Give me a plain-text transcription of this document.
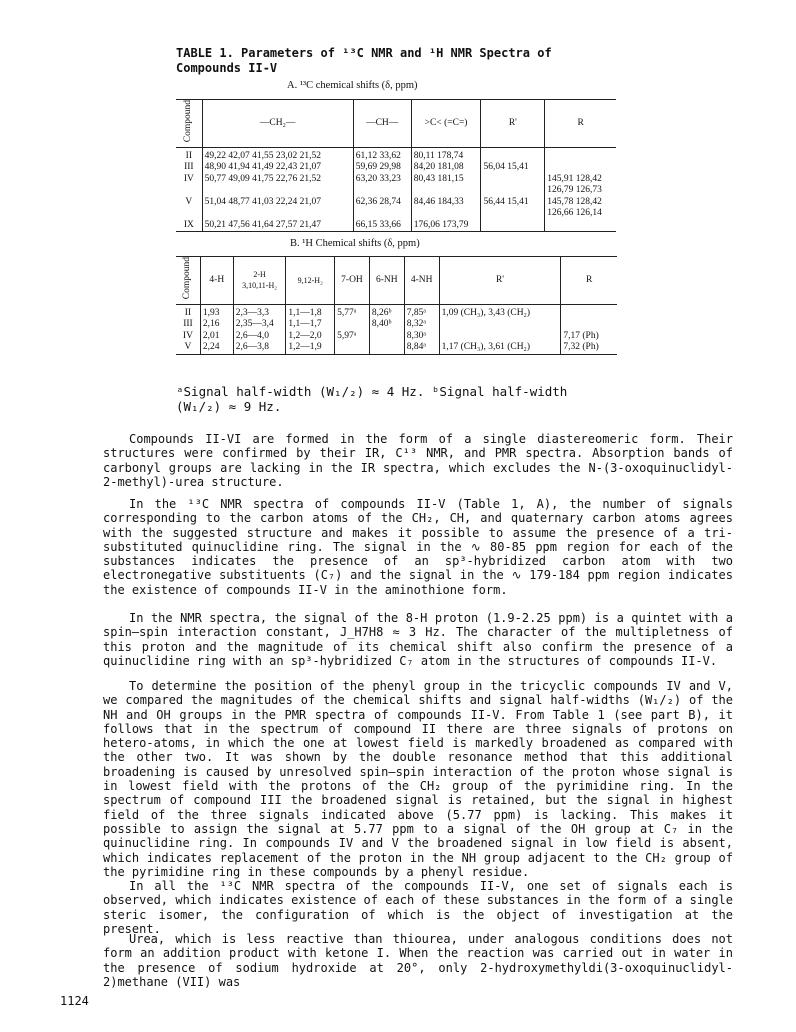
TABLE 1. Parameters of ¹³C NMR and ¹H NMR Spectra of
Compounds II-V
A. ¹³C chemical shifts (δ, ppm)
Compound	—CH₂—	—CH—	>C< (=C=)	R'	R
II	49,22 42,07 41,55 23,02 21,52	61,12 33,62	80,11 178,74		
III	48,90 41,94 41,49 22,43 21,07	59,69 29,98	84,20 181,08	56,04 15,41	
IV	50,77 49,09 41,75 22,76 21,52	63,20 33,23	80,43 181,15		145,91 128,42
126,79 126,73
V	51,04 48,77 41,03 22,24 21,07	62,36 28,74	84,46 184,33	56,44 15,41	145,78 128,42
126,66 126,14
IX	50,21 47,56 41,64 27,57 21,47	66,15 33,66	176,06 173,79		
B. ¹H Chemical shifts (δ, ppm)
Compound	4-H	2-H
3,10,11-H₂	9,12-H₂	7-OH	6-NH	4-NH	R'	R
II	1,93	2,3—3,3	1,1—1,8	5,77ᵃ	8,26ᵇ	7,85ᵃ	1,09 (CH₃), 3,43 (CH₂)	
III	2,16	2,35—3,4	1,1—1,7		8,40ᵇ	8,32ᵃ		
IV	2,01	2,6—4,0	1,2—2,0	5,97ᵃ		8,30ᵃ		7,17 (Ph)
V	2,24	2,6—3,8	1,2—1,9			8,84ᵃ	1,17 (CH₃), 3,61 (CH₂)	7,32 (Ph)
ᵃSignal half-width (W₁/₂) ≈ 4 Hz. ᵇSignal half-width
(W₁/₂) ≈ 9 Hz.
Compounds II-VI are formed in the form of a single diastereomeric form. Their structures were confirmed by their IR, C¹³ NMR, and PMR spectra. Absorption bands of carbonyl groups are lacking in the IR spectra, which excludes the N-(3-oxoquinuclidyl-2-methyl)-urea structure.
In the ¹³C NMR spectra of compounds II-V (Table 1, A), the number of signals corresponding to the carbon atoms of the CH₂, CH, and quaternary carbon atoms agrees with the suggested structure and makes it possible to assume the presence of a tri-substituted quinuclidine ring. The signal in the ∿ 80-85 ppm region for each of the substances indicates the presence of an sp³-hybridized carbon atom with two electronegative substituents (C₇) and the signal in the ∿ 179-184 ppm region indicates the existence of compounds II-V in the aminothione form.
In the NMR spectra, the signal of the 8-H proton (1.9-2.25 ppm) is a quintet with a spin–spin interaction constant, J_H7H8 ≈ 3 Hz. The character of the multipletness of this proton and the magnitude of its chemical shift also confirm the presence of a quinuclidine ring with an sp³-hybridized C₇ atom in the structures of compounds II-V.
To determine the position of the phenyl group in the tricyclic compounds IV and V, we compared the magnitudes of the chemical shifts and signal half-widths (W₁/₂) of the NH and OH groups in the PMR spectra of compounds II-V. From Table 1 (see part B), it follows that in the spectrum of compound II there are three signals of protons on hetero-atoms, in which the one at lowest field is markedly broadened as compared with the other two. It was shown by the double resonance method that this additional broadening is caused by unresolved spin–spin interaction of the proton whose signal is in lowest field with the protons of the CH₂ group of the pyrimidine ring. In the spectrum of compound III the broadened signal is retained, but the signal in highest field of the three signals indicated above (5.77 ppm) is lacking. This makes it possible to assign the signal at 5.77 ppm to a signal of the OH group at C₇ in the quinuclidine ring. In compounds IV and V the broadened signal in low field is absent, which indicates replacement of the proton in the NH group adjacent to the CH₂ group of the pyrimidine ring in these compounds by a phenyl residue.
In all the ¹³C NMR spectra of the compounds II-V, one set of signals each is observed, which indicates existence of each of these substances in the form of a single steric isomer, the configuration of which is the object of investigation at the present.
Urea, which is less reactive than thiourea, under analogous conditions does not form an addition product with ketone I. When the reaction was carried out in water in the presence of sodium hydroxide at 20°, only 2-hydroxymethyldi(3-oxoquinuclidyl-2)methane (VII) was
1124
